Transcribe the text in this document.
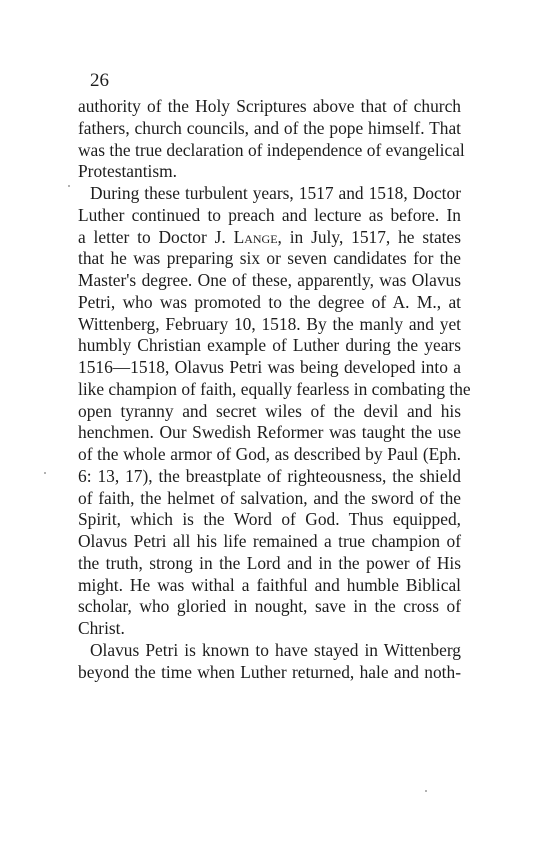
26
authority of the Holy Scriptures above that of church
fathers, church councils, and of the pope himself. That
was the true declaration of independence of evangelical
Protestantism.
During these turbulent years, 1517 and 1518, Doctor
Luther continued to preach and lecture as before. In
a letter to Doctor J. Lange, in July, 1517, he states
that he was preparing six or seven candidates for the
Master's degree. One of these, apparently, was Olavus
Petri, who was promoted to the degree of A. M., at
Wittenberg, February 10, 1518. By the manly and yet
humbly Christian example of Luther during the years
1516—1518, Olavus Petri was being developed into a
like champion of faith, equally fearless in combating the
open tyranny and secret wiles of the devil and his
henchmen. Our Swedish Reformer was taught the use
of the whole armor of God, as described by Paul (Eph.
6: 13, 17), the breastplate of righteousness, the shield
of faith, the helmet of salvation, and the sword of the
Spirit, which is the Word of God. Thus equipped,
Olavus Petri all his life remained a true champion of
the truth, strong in the Lord and in the power of His
might. He was withal a faithful and humble Biblical
scholar, who gloried in nought, save in the cross of
Christ.
Olavus Petri is known to have stayed in Wittenberg
beyond the time when Luther returned, hale and noth-
